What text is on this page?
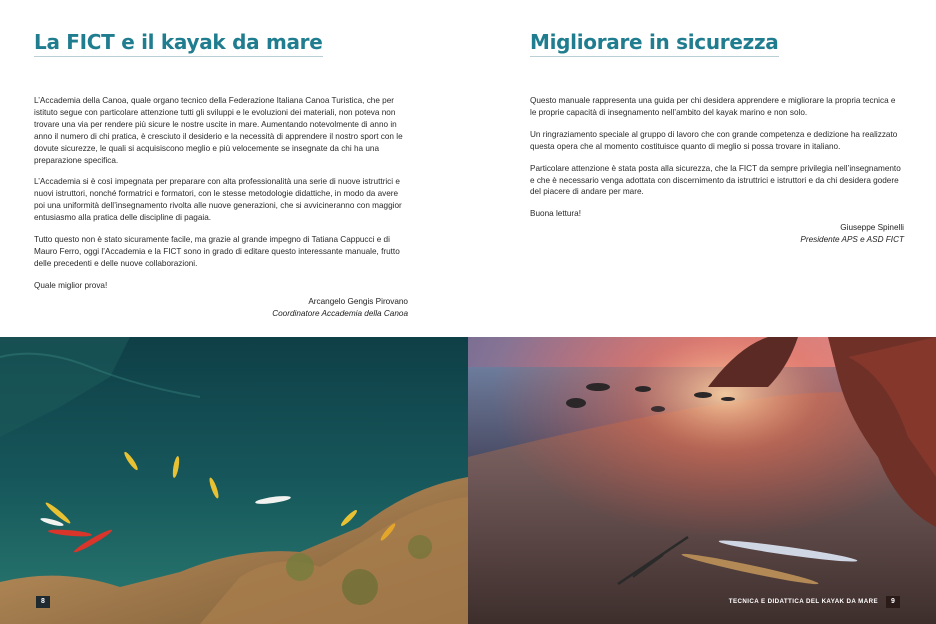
La FICT e il kayak da mare

L’Accademia della Canoa, quale organo tecnico della Federazione Italiana Canoa Turistica, che per istituto segue con particolare attenzione tutti gli sviluppi e le evoluzioni dei materiali, non poteva non trovare una via per rendere più sicure le nostre uscite in mare. Aumentando notevolmente di anno in anno il numero di chi pratica, è cresciuto il desiderio e la necessità di apprendere il nostro sport con le dovute sicurezze, le quali si acquisiscono meglio e più velocemente se insegnate da chi ha una preparazione specifica.

L’Accademia si è così impegnata per preparare con alta professionalità una serie di nuove istruttrici e nuovi istruttori, nonché formatrici e formatori, con le stesse metodologie didattiche, in modo da avere poi una uniformità dell’insegnamento rivolta alle nuove generazioni, che si avvicineranno con maggior entusiasmo alla pratica delle discipline di pagaia.

Tutto questo non è stato sicuramente facile, ma grazie al grande impegno di Tatiana Cappucci e di Mauro Ferro, oggi l’Accademia e la FICT sono in grado di editare questo interessante manuale, frutto delle precedenti e delle nuove collaborazioni.

Quale miglior prova!

Arcangelo Gengis Pirovano
Coordinatore Accademia della Canoa
8
Migliorare in sicurezza

Questo manuale rappresenta una guida per chi desidera apprendere e migliorare la propria tecnica e le proprie capacità di insegnamento nell’ambito del kayak marino e non solo.

Un ringraziamento speciale al gruppo di lavoro che con grande competenza e dedizione ha realizzato questa opera che al momento costituisce quanto di meglio si possa trovare in italiano.

Particolare attenzione è stata posta alla sicurezza, che la FICT da sempre privilegia nell’insegnamento e che è necessario venga adottata con discernimento da istruttrici e istruttori e da chi desidera godere del piacere di andare per mare.

Buona lettura!

Giuseppe Spinelli
Presidente APS e ASD FICT
TECNICA E DIDATTICA DEL KAYAK DA MARE	9
